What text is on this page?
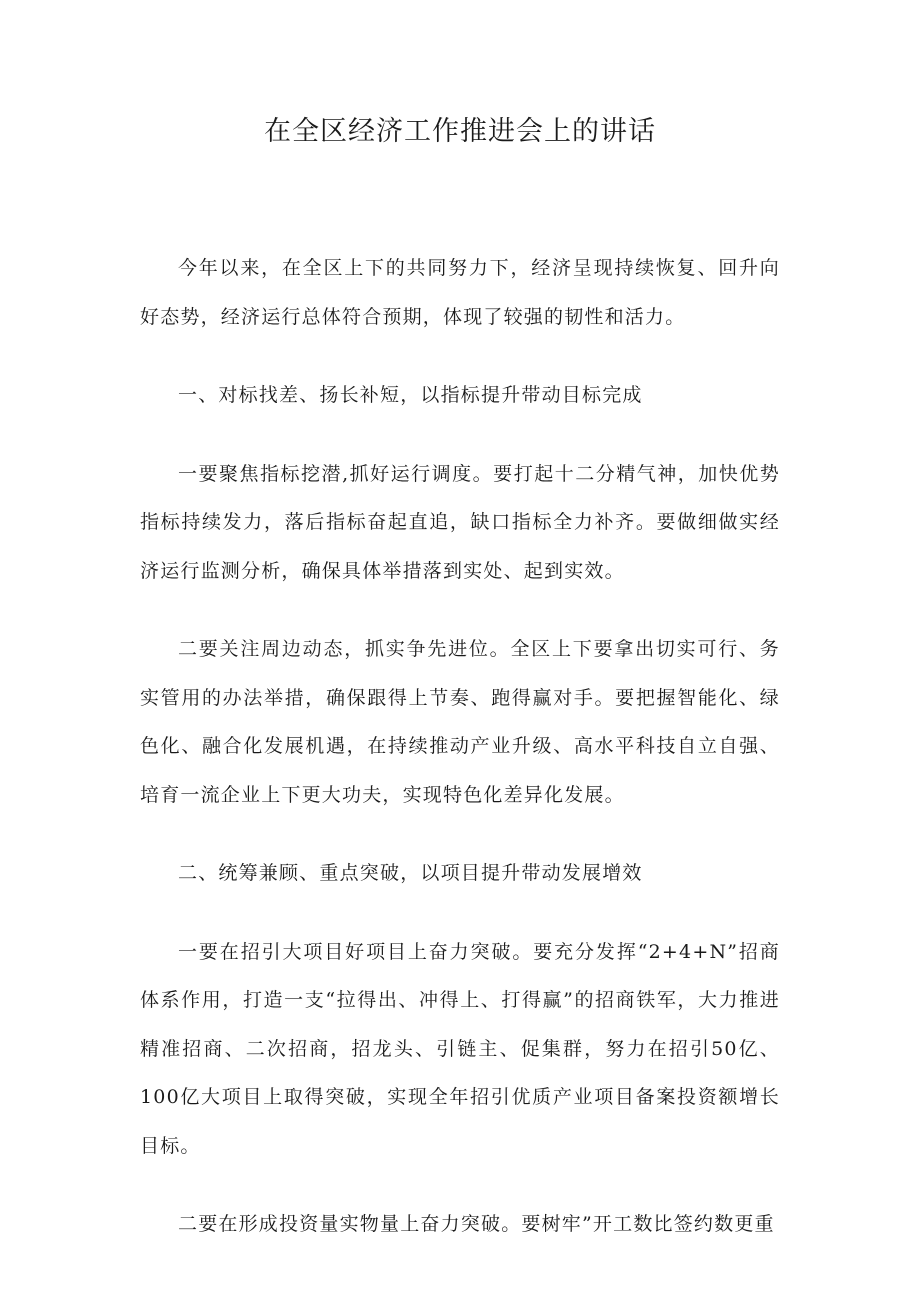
在全区经济工作推进会上的讲话

今年以来，在全区上下的共同努力下，经济呈现持续恢复、回升向好态势，经济运行总体符合预期，体现了较强的韧性和活力。

一、对标找差、扬长补短，以指标提升带动目标完成

一要聚焦指标挖潜,抓好运行调度。要打起十二分精气神，加快优势指标持续发力，落后指标奋起直追，缺口指标全力补齐。要做细做实经济运行监测分析，确保具体举措落到实处、起到实效。

二要关注周边动态，抓实争先进位。全区上下要拿出切实可行、务实管用的办法举措，确保跟得上节奏、跑得赢对手。要把握智能化、绿色化、融合化发展机遇，在持续推动产业升级、高水平科技自立自强、培育一流企业上下更大功夫，实现特色化差异化发展。

二、统筹兼顾、重点突破，以项目提升带动发展增效

一要在招引大项目好项目上奋力突破。要充分发挥“2+4+N”招商体系作用，打造一支“拉得出、冲得上、打得赢”的招商铁军，大力推进精准招商、二次招商，招龙头、引链主、促集群，努力在招引50亿、100亿大项目上取得突破，实现全年招引优质产业项目备案投资额增长目标。

二要在形成投资量实物量上奋力突破。要树牢”开工数比签约数更重
